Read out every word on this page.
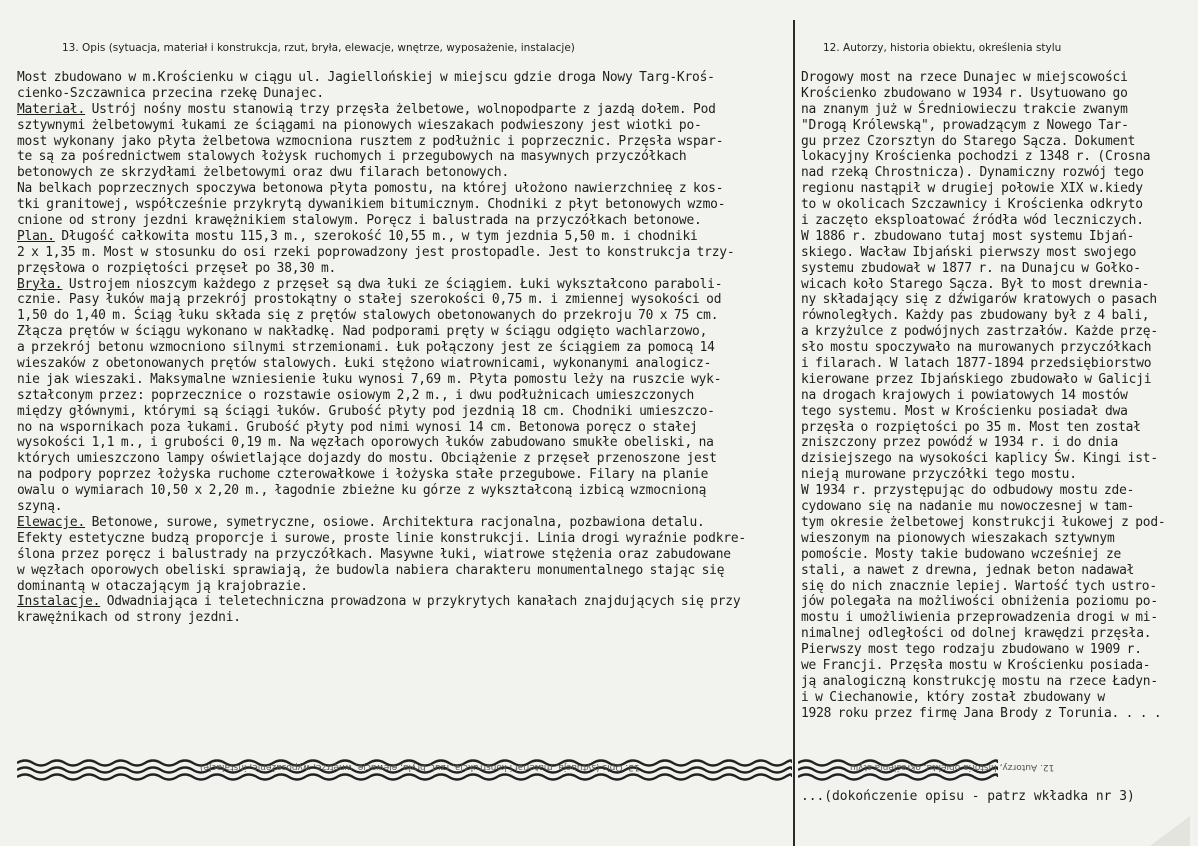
13. Opis (sytuacja, materiał i konstrukcja, rzut, bryła, elewacje, wnętrze, wyposażenie, instalacje)	12. Autorzy, historia obiektu, określenia stylu
Most zbudowano w m.Krościenku w ciągu ul. Jagiellońskiej w miejscu gdzie droga Nowy Targ-Kroś-
cienko-Szczawnica przecina rzekę Dunajec.
Materiał. Ustrój nośny mostu stanowią trzy przęsła żelbetowe, wolnopodparte z jazdą dołem. Pod
sztywnymi żelbetowymi łukami ze ściągami na pionowych wieszakach podwieszony jest wiotki po-
most wykonany jako płyta żelbetowa wzmocniona rusztem z podłużnic i poprzecznic. Przęsła wspar-
te są za pośrednictwem stalowych łożysk ruchomych i przegubowych na masywnych przyczółkach
betonowych ze skrzydłami żelbetowymi oraz dwu filarach betonowych.
Na belkach poprzecznych spoczywa betonowa płyta pomostu, na której ułożono nawierzchnieę z kos-
tki granitowej, współcześnie przykrytą dywanikiem bitumicznym. Chodniki z płyt betonowych wzmo-
cnione od strony jezdni krawężnikiem stalowym. Poręcz i balustrada na przyczółkach betonowe.
Plan. Długość całkowita mostu 115,3 m., szerokość 10,55 m., w tym jezdnia 5,50 m. i chodniki
2 x 1,35 m. Most w stosunku do osi rzeki poprowadzony jest prostopadle. Jest to konstrukcja trzy-
przęsłowa o rozpiętości przęseł po 38,30 m.
Bryła. Ustrojem nioszcym każdego z przęseł są dwa łuki ze ściągiem. Łuki wykształcono paraboli-
cznie. Pasy łuków mają przekrój prostokątny o stałej szerokości 0,75 m. i zmiennej wysokości od
1,50 do 1,40 m. Ściąg łuku składa się z prętów stalowych obetonowanych do przekroju 70 x 75 cm.
Złącza prętów w ściągu wykonano w nakładkę. Nad podporami pręty w ściągu odgięto wachlarzowo,
a przekrój betonu wzmocniono silnymi strzemionami. Łuk połączony jest ze ściągiem za pomocą 14
wieszaków z obetonowanych prętów stalowych. Łuki stężono wiatrownicami, wykonanymi analogicz-
nie jak wieszaki. Maksymalne wzniesienie łuku wynosi 7,69 m. Płyta pomostu leży na ruszcie wyk-
ształconym przez: poprzecznice o rozstawie osiowym 2,2 m., i dwu podłużnicach umieszczonych
między głównymi, którymi są ściągi łuków. Grubość płyty pod jezdnią 18 cm. Chodniki umieszczo-
no na wspornikach poza łukami. Grubość płyty pod nimi wynosi 14 cm. Betonowa poręcz o stałej
wysokości 1,1 m., i grubości 0,19 m. Na węzłach oporowych łuków zabudowano smukłe obeliski, na
których umieszczono lampy oświetlające dojazdy do mostu. Obciążenie z przęseł przenoszone jest
na podpory poprzez łożyska ruchome czterowałkowe i łożyska stałe przegubowe. Filary na planie
owalu o wymiarach 10,50 x 2,20 m., łagodnie zbieżne ku górze z wykształconą izbicą wzmocnioną
szyną.
Elewacje. Betonowe, surowe, symetryczne, osiowe. Architektura racjonalna, pozbawiona detalu.
Efekty estetyczne budzą proporcje i surowe, proste linie konstrukcji. Linia drogi wyraźnie podkre-
ślona przez poręcz i balustrady na przyczółkach. Masywne łuki, wiatrowe stężenia oraz zabudowane
w węzłach oporowych obeliski sprawiają, że budowla nabiera charakteru monumentalnego stając się
dominantą w otaczającym ją krajobrazie.
Instalacje. Odwadniająca i teletechniczna prowadzona w przykrytych kanałach znajdujących się przy
krawężnikach od strony jezdni.
Drogowy most na rzece Dunajec w miejscowości
Krościenko zbudowano w 1934 r. Usytuowano go
na znanym już w Średniowieczu trakcie zwanym
"Drogą Królewską", prowadzącym z Nowego Tar-
gu przez Czorsztyn do Starego Sącza. Dokument
lokacyjny Krościenka pochodzi z 1348 r. (Crosna
nad rzeką Chrostnicza). Dynamiczny rozwój tego
regionu nastąpił w drugiej połowie XIX w.kiedy
to w okolicach Szczawnicy i Krościenka odkryto
i zaczęto eksploatować źródła wód leczniczych.
W 1886 r. zbudowano tutaj most systemu Ibjań-
skiego. Wacław Ibjański pierwszy most swojego
systemu zbudował w 1877 r. na Dunajcu w Gołko-
wicach koło Starego Sącza. Był to most drewnia-
ny składający się z dźwigarów kratowych o pasach
równoległych. Każdy pas zbudowany był z 4 bali,
a krzyżulce z podwójnych zastrzałów. Każde przę-
sło mostu spoczywało na murowanych przyczółkach
i filarach. W latach 1877-1894 przedsiębiorstwo
kierowane przez Ibjańskiego zbudowało w Galicji
na drogach krajowych i powiatowych 14 mostów
tego systemu. Most w Krościenku posiadał dwa
przęsła o rozpiętości po 35 m. Most ten został
zniszczony przez powódź w 1934 r. i do dnia
dzisiejszego na wysokości kaplicy Św. Kingi ist-
nieją murowane przyczółki tego mostu.
W 1934 r. przystępując do odbudowy mostu zde-
cydowano się na nadanie mu nowoczesnej w tam-
tym okresie żelbetowej konstrukcji łukowej z pod-
wieszonym na pionowych wieszakach sztywnym
pomoście. Mosty takie budowano wcześniej ze
stali, a nawet z drewna, jednak beton nadawał
się do nich znacznie lepiej. Wartość tych ustro-
jów polegała na możliwości obniżenia poziomu po-
mostu i umożliwienia przeprowadzenia drogi w mi-
nimalnej odległości od dolnej krawędzi przęsła.
Pierwszy most tego rodzaju zbudowano w 1909 r.
we Francji. Przęsła mostu w Krościenku posiada-
ją analogiczną konstrukcję mostu na rzece Ładyn-
i w Ciechanowie, który został zbudowany w
1928 roku przez firmę Jana Brody z Torunia. . . .
13. Opis (sytuacja, materiał i konstrukcja, rzut, bryła, elewacje, wnętrze, wyposażenie, instalacje)	12. Autorzy, historia obiektu, określenia stylu
...(dokończenie opisu - patrz wkładka nr 3)
